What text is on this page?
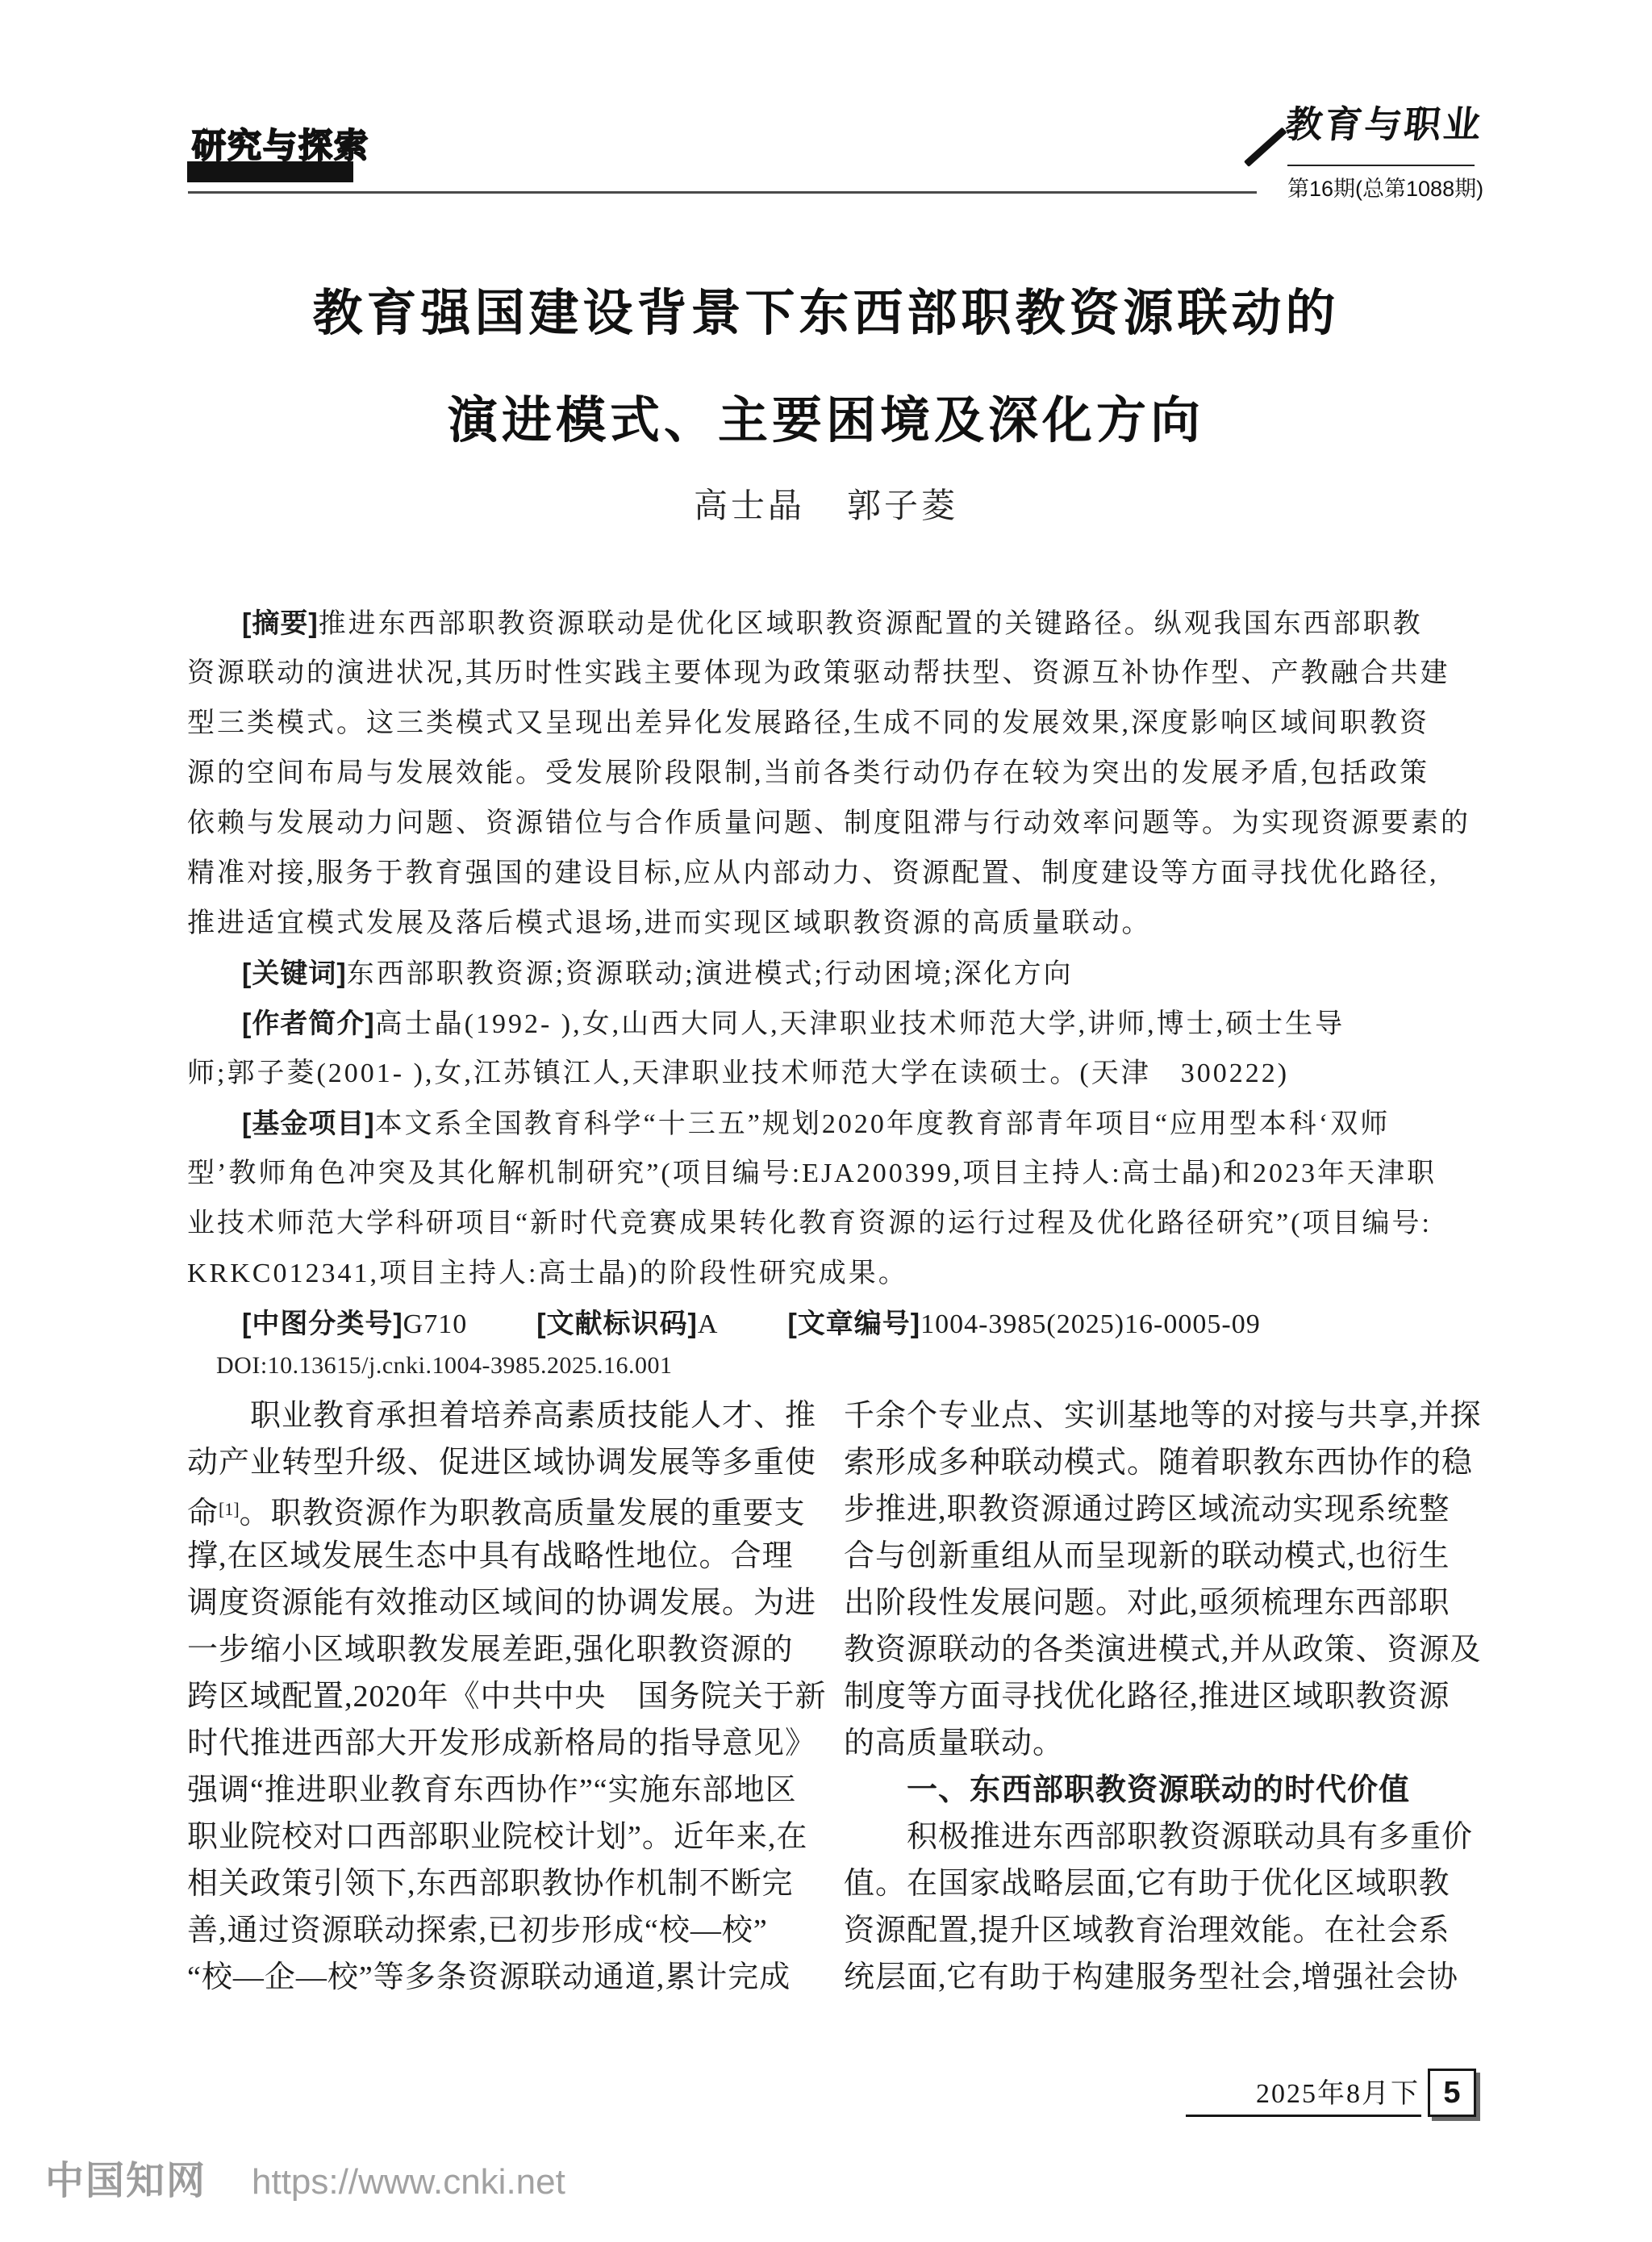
研究与探索
教育与职业
第16期(总第1088期)
教育强国建设背景下东西部职教资源联动的
演进模式、主要困境及深化方向
高士晶 郭子菱
[摘要]推进东西部职教资源联动是优化区域职教资源配置的关键路径。纵观我国东西部职教
资源联动的演进状况,其历时性实践主要体现为政策驱动帮扶型、资源互补协作型、产教融合共建
型三类模式。这三类模式又呈现出差异化发展路径,生成不同的发展效果,深度影响区域间职教资
源的空间布局与发展效能。受发展阶段限制,当前各类行动仍存在较为突出的发展矛盾,包括政策
依赖与发展动力问题、资源错位与合作质量问题、制度阻滞与行动效率问题等。为实现资源要素的
精准对接,服务于教育强国的建设目标,应从内部动力、资源配置、制度建设等方面寻找优化路径,
推进适宜模式发展及落后模式退场,进而实现区域职教资源的高质量联动。
[关键词]东西部职教资源;资源联动;演进模式;行动困境;深化方向
[作者简介]高士晶(1992- ),女,山西大同人,天津职业技术师范大学,讲师,博士,硕士生导
师;郭子菱(2001- ),女,江苏镇江人,天津职业技术师范大学在读硕士。(天津　300222)
[基金项目]本文系全国教育科学“十三五”规划2020年度教育部青年项目“应用型本科‘双师
型’教师角色冲突及其化解机制研究”(项目编号:EJA200399,项目主持人:高士晶)和2023年天津职
业技术师范大学科研项目“新时代竞赛成果转化教育资源的运行过程及优化路径研究”(项目编号:
KRKC012341,项目主持人:高士晶)的阶段性研究成果。
[中图分类号]G710	[文献标识码]A	[文章编号]1004-3985(2025)16-0005-09
DOI:10.13615/j.cnki.1004-3985.2025.16.001
职业教育承担着培养高素质技能人才、推
动产业转型升级、促进区域协调发展等多重使
命[1]。职教资源作为职教高质量发展的重要支
撑,在区域发展生态中具有战略性地位。合理
调度资源能有效推动区域间的协调发展。为进
一步缩小区域职教发展差距,强化职教资源的
跨区域配置,2020年《中共中央　国务院关于新
时代推进西部大开发形成新格局的指导意见》
强调“推进职业教育东西协作”“实施东部地区
职业院校对口西部职业院校计划”。近年来,在
相关政策引领下,东西部职教协作机制不断完
善,通过资源联动探索,已初步形成“校—校”
“校—企—校”等多条资源联动通道,累计完成
千余个专业点、实训基地等的对接与共享,并探
索形成多种联动模式。随着职教东西协作的稳
步推进,职教资源通过跨区域流动实现系统整
合与创新重组从而呈现新的联动模式,也衍生
出阶段性发展问题。对此,亟须梳理东西部职
教资源联动的各类演进模式,并从政策、资源及
制度等方面寻找优化路径,推进区域职教资源
的高质量联动。
一、东西部职教资源联动的时代价值
积极推进东西部职教资源联动具有多重价
值。在国家战略层面,它有助于优化区域职教
资源配置,提升区域教育治理效能。在社会系
统层面,它有助于构建服务型社会,增强社会协
2025年8月下 5
中国知网 https://www.cnki.net
